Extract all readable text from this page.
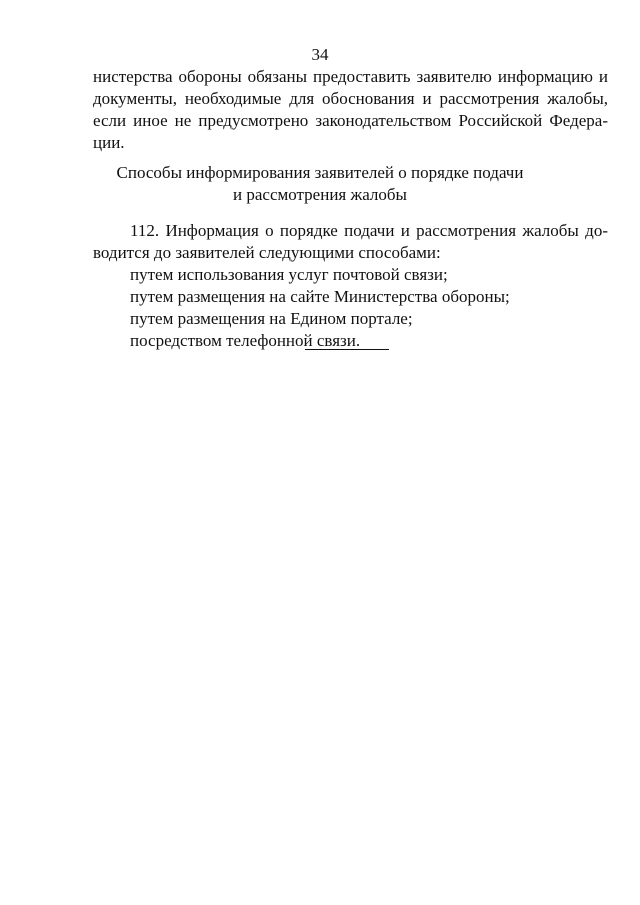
34
нистерства обороны обязаны предоставить заявителю информацию и
документы, необходимые для обоснования и рассмотрения жалобы,
если иное не предусмотрено законодательством Российской Федера-
ции.
Способы информирования заявителей о порядке подачи
и рассмотрения жалобы
112. Информация о порядке подачи и рассмотрения жалобы до-
водится до заявителей следующими способами:
путем использования услуг почтовой связи;
путем размещения на сайте Министерства обороны;
путем размещения на Едином портале;
посредством телефонной связи.
